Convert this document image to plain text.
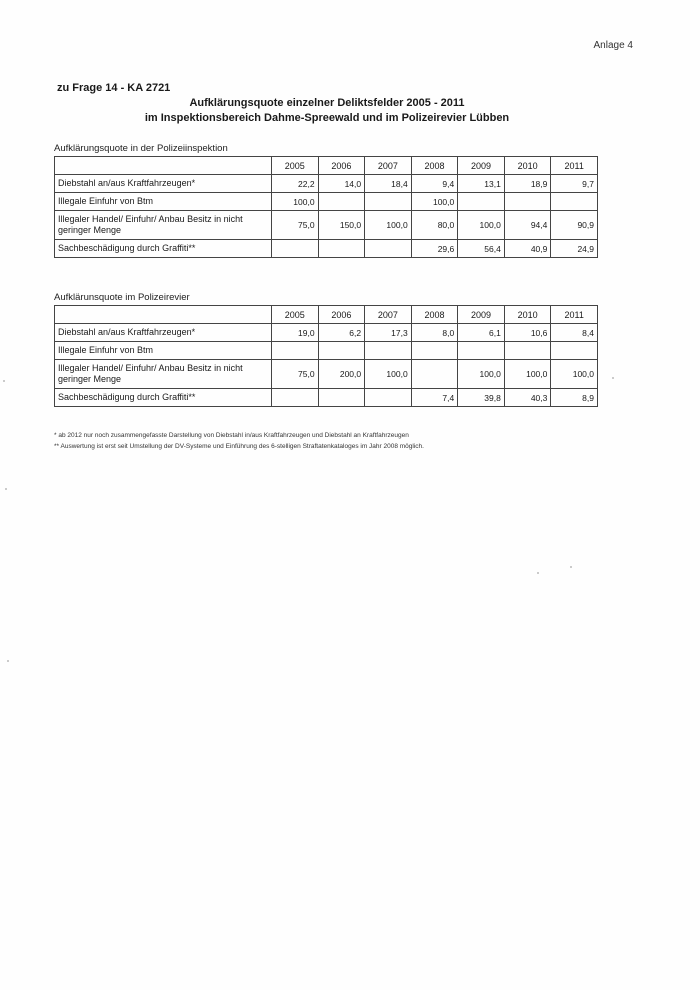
Anlage 4
zu Frage 14 - KA 2721
Aufklärungsquote einzelner Deliktsfelder 2005 - 2011
im Inspektionsbereich Dahme-Spreewald und im Polizeirevier Lübben
Aufklärungsquote in der Polizeiinspektion
	2005	2006	2007	2008	2009	2010	2011
Diebstahl an/aus Kraftfahrzeugen*	22,2	14,0	18,4	9,4	13,1	18,9	9,7
Illegale Einfuhr von Btm	100,0			100,0			
Illegaler Handel/ Einfuhr/ Anbau Besitz in nicht geringer Menge	75,0	150,0	100,0	80,0	100,0	94,4	90,9
Sachbeschädigung durch Graffiti**				29,6	56,4	40,9	24,9
Aufklärunsquote im Polizeirevier
	2005	2006	2007	2008	2009	2010	2011
Diebstahl an/aus Kraftfahrzeugen*	19,0	6,2	17,3	8,0	6,1	10,6	8,4
Illegale Einfuhr von Btm							
Illegaler Handel/ Einfuhr/ Anbau Besitz in nicht geringer Menge	75,0	200,0	100,0		100,0	100,0	100,0
Sachbeschädigung durch Graffiti**				7,4	39,8	40,3	8,9
* ab 2012 nur noch zusammengefasste Darstellung von Diebstahl in/aus Kraftfahrzeugen und Diebstahl an Kraftfahrzeugen
** Auswertung ist erst seit Umstellung der DV-Systeme und Einführung des 6-stelligen Straftatenkataloges im Jahr 2008 möglich.
